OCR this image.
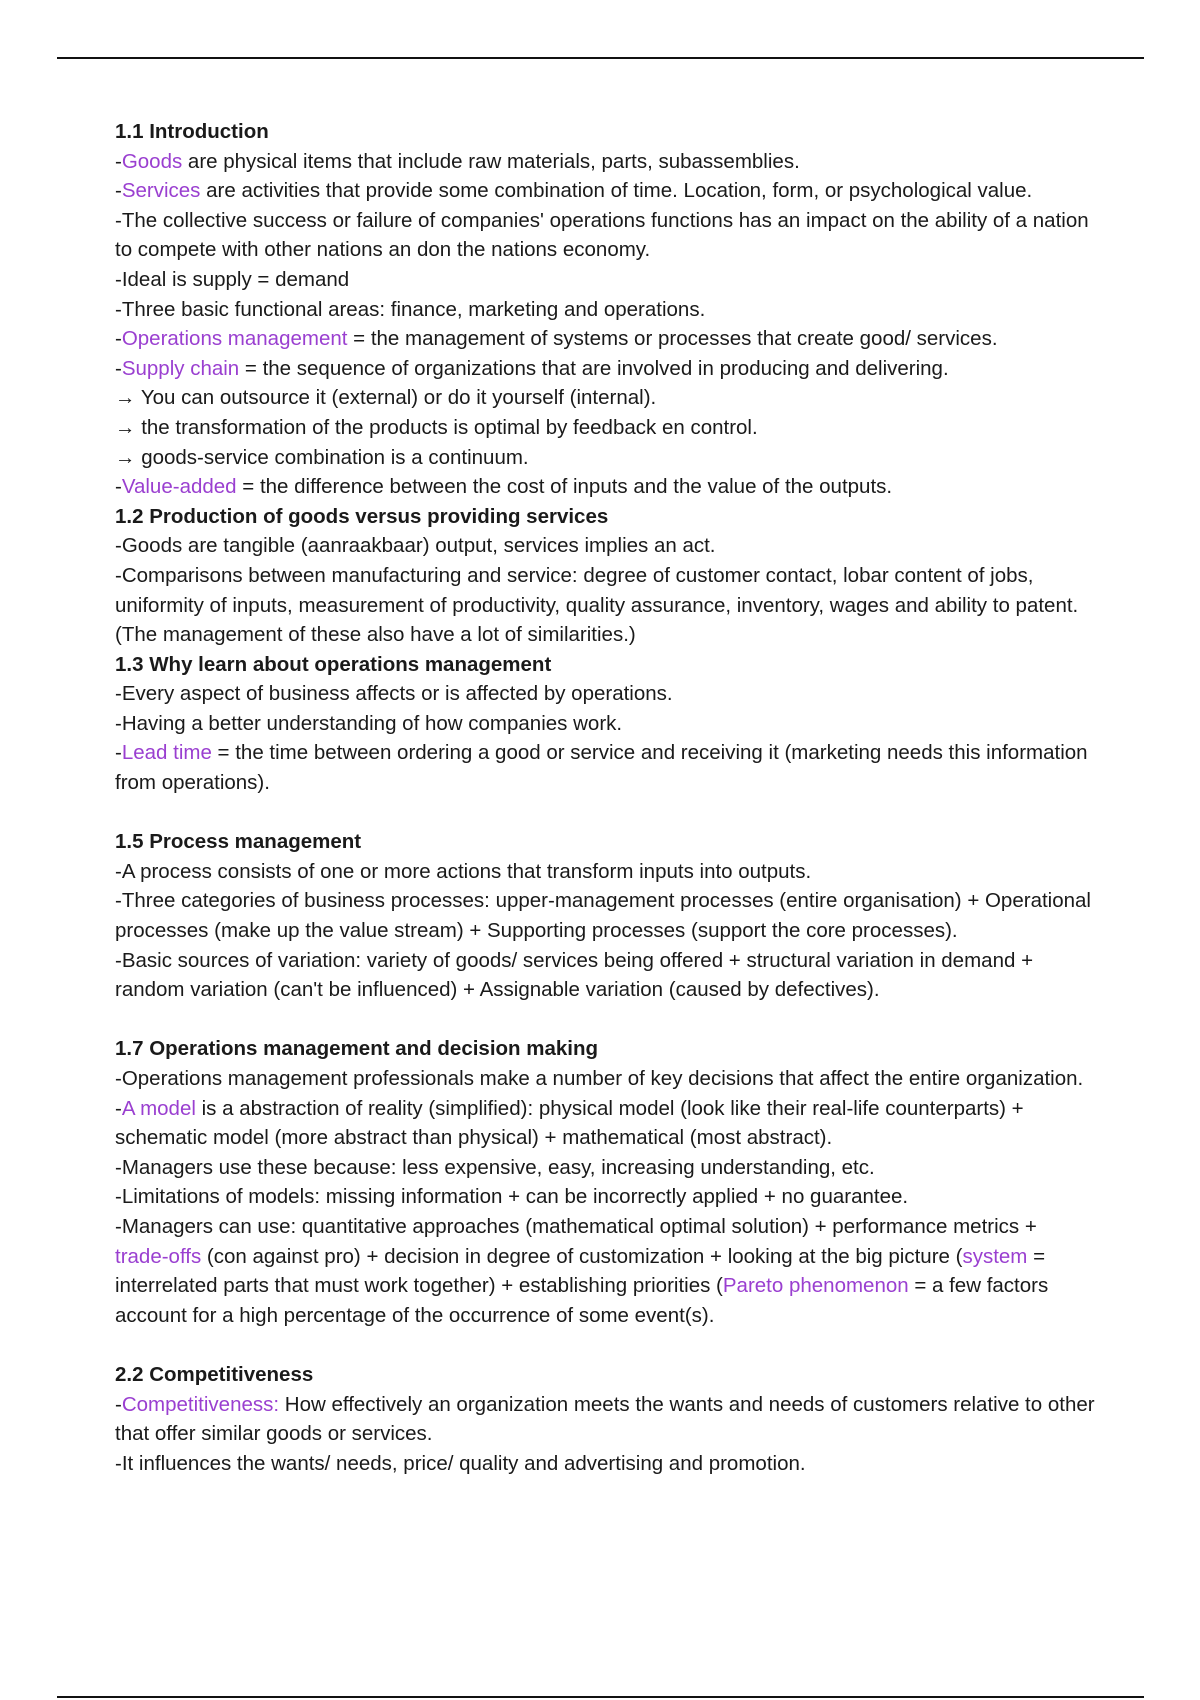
1.1 Introduction

-Goods are physical items that include raw materials, parts, subassemblies.

-Services are activities that provide some combination of time. Location, form, or psychological value.

-The collective success or failure of companies' operations functions has an impact on the ability of a nation to compete with other nations an don the nations economy.

-Ideal is supply = demand

-Three basic functional areas: finance, marketing and operations.

-Operations management = the management of systems or processes that create good/ services.

-Supply chain = the sequence of organizations that are involved in producing and delivering.

→ You can outsource it (external) or do it yourself (internal).

→ the transformation of the products is optimal by feedback en control.

→ goods-service combination is a continuum.

-Value-added = the difference between the cost of inputs and the value of the outputs.

1.2 Production of goods versus providing services

-Goods are tangible (aanraakbaar) output, services implies an act.

-Comparisons between manufacturing and service: degree of customer contact, lobar content of jobs, uniformity of inputs, measurement of productivity, quality assurance, inventory, wages and ability to patent. (The management of these also have a lot of similarities.)

1.3 Why learn about operations management

-Every aspect of business affects or is affected by operations.

-Having a better understanding of how companies work.

-Lead time = the time between ordering a good or service and receiving it (marketing needs this information from operations).

1.5 Process management

-A process consists of one or more actions that transform inputs into outputs.

-Three categories of business processes: upper-management processes (entire organisation) + Operational processes (make up the value stream) + Supporting processes (support the core processes).

-Basic sources of variation: variety of goods/ services being offered + structural variation in demand + random variation (can't be influenced) + Assignable variation (caused by defectives).

1.7 Operations management and decision making

-Operations management professionals make a number of key decisions that affect the entire organization.

-A model is a abstraction of reality (simplified): physical model (look like their real-life counterparts) + schematic model (more abstract than physical) + mathematical (most abstract).

-Managers use these because: less expensive, easy, increasing understanding, etc.

-Limitations of models: missing information + can be incorrectly applied + no guarantee.

-Managers can use: quantitative approaches (mathematical optimal solution) + performance metrics + trade-offs (con against pro) + decision in degree of customization + looking at the big picture (system = interrelated parts that must work together) + establishing priorities (Pareto phenomenon = a few factors account for a high percentage of the occurrence of some event(s).

2.2 Competitiveness

-Competitiveness: How effectively an organization meets the wants and needs of customers relative to other that offer similar goods or services.

-It influences the wants/ needs, price/ quality and advertising and promotion.
